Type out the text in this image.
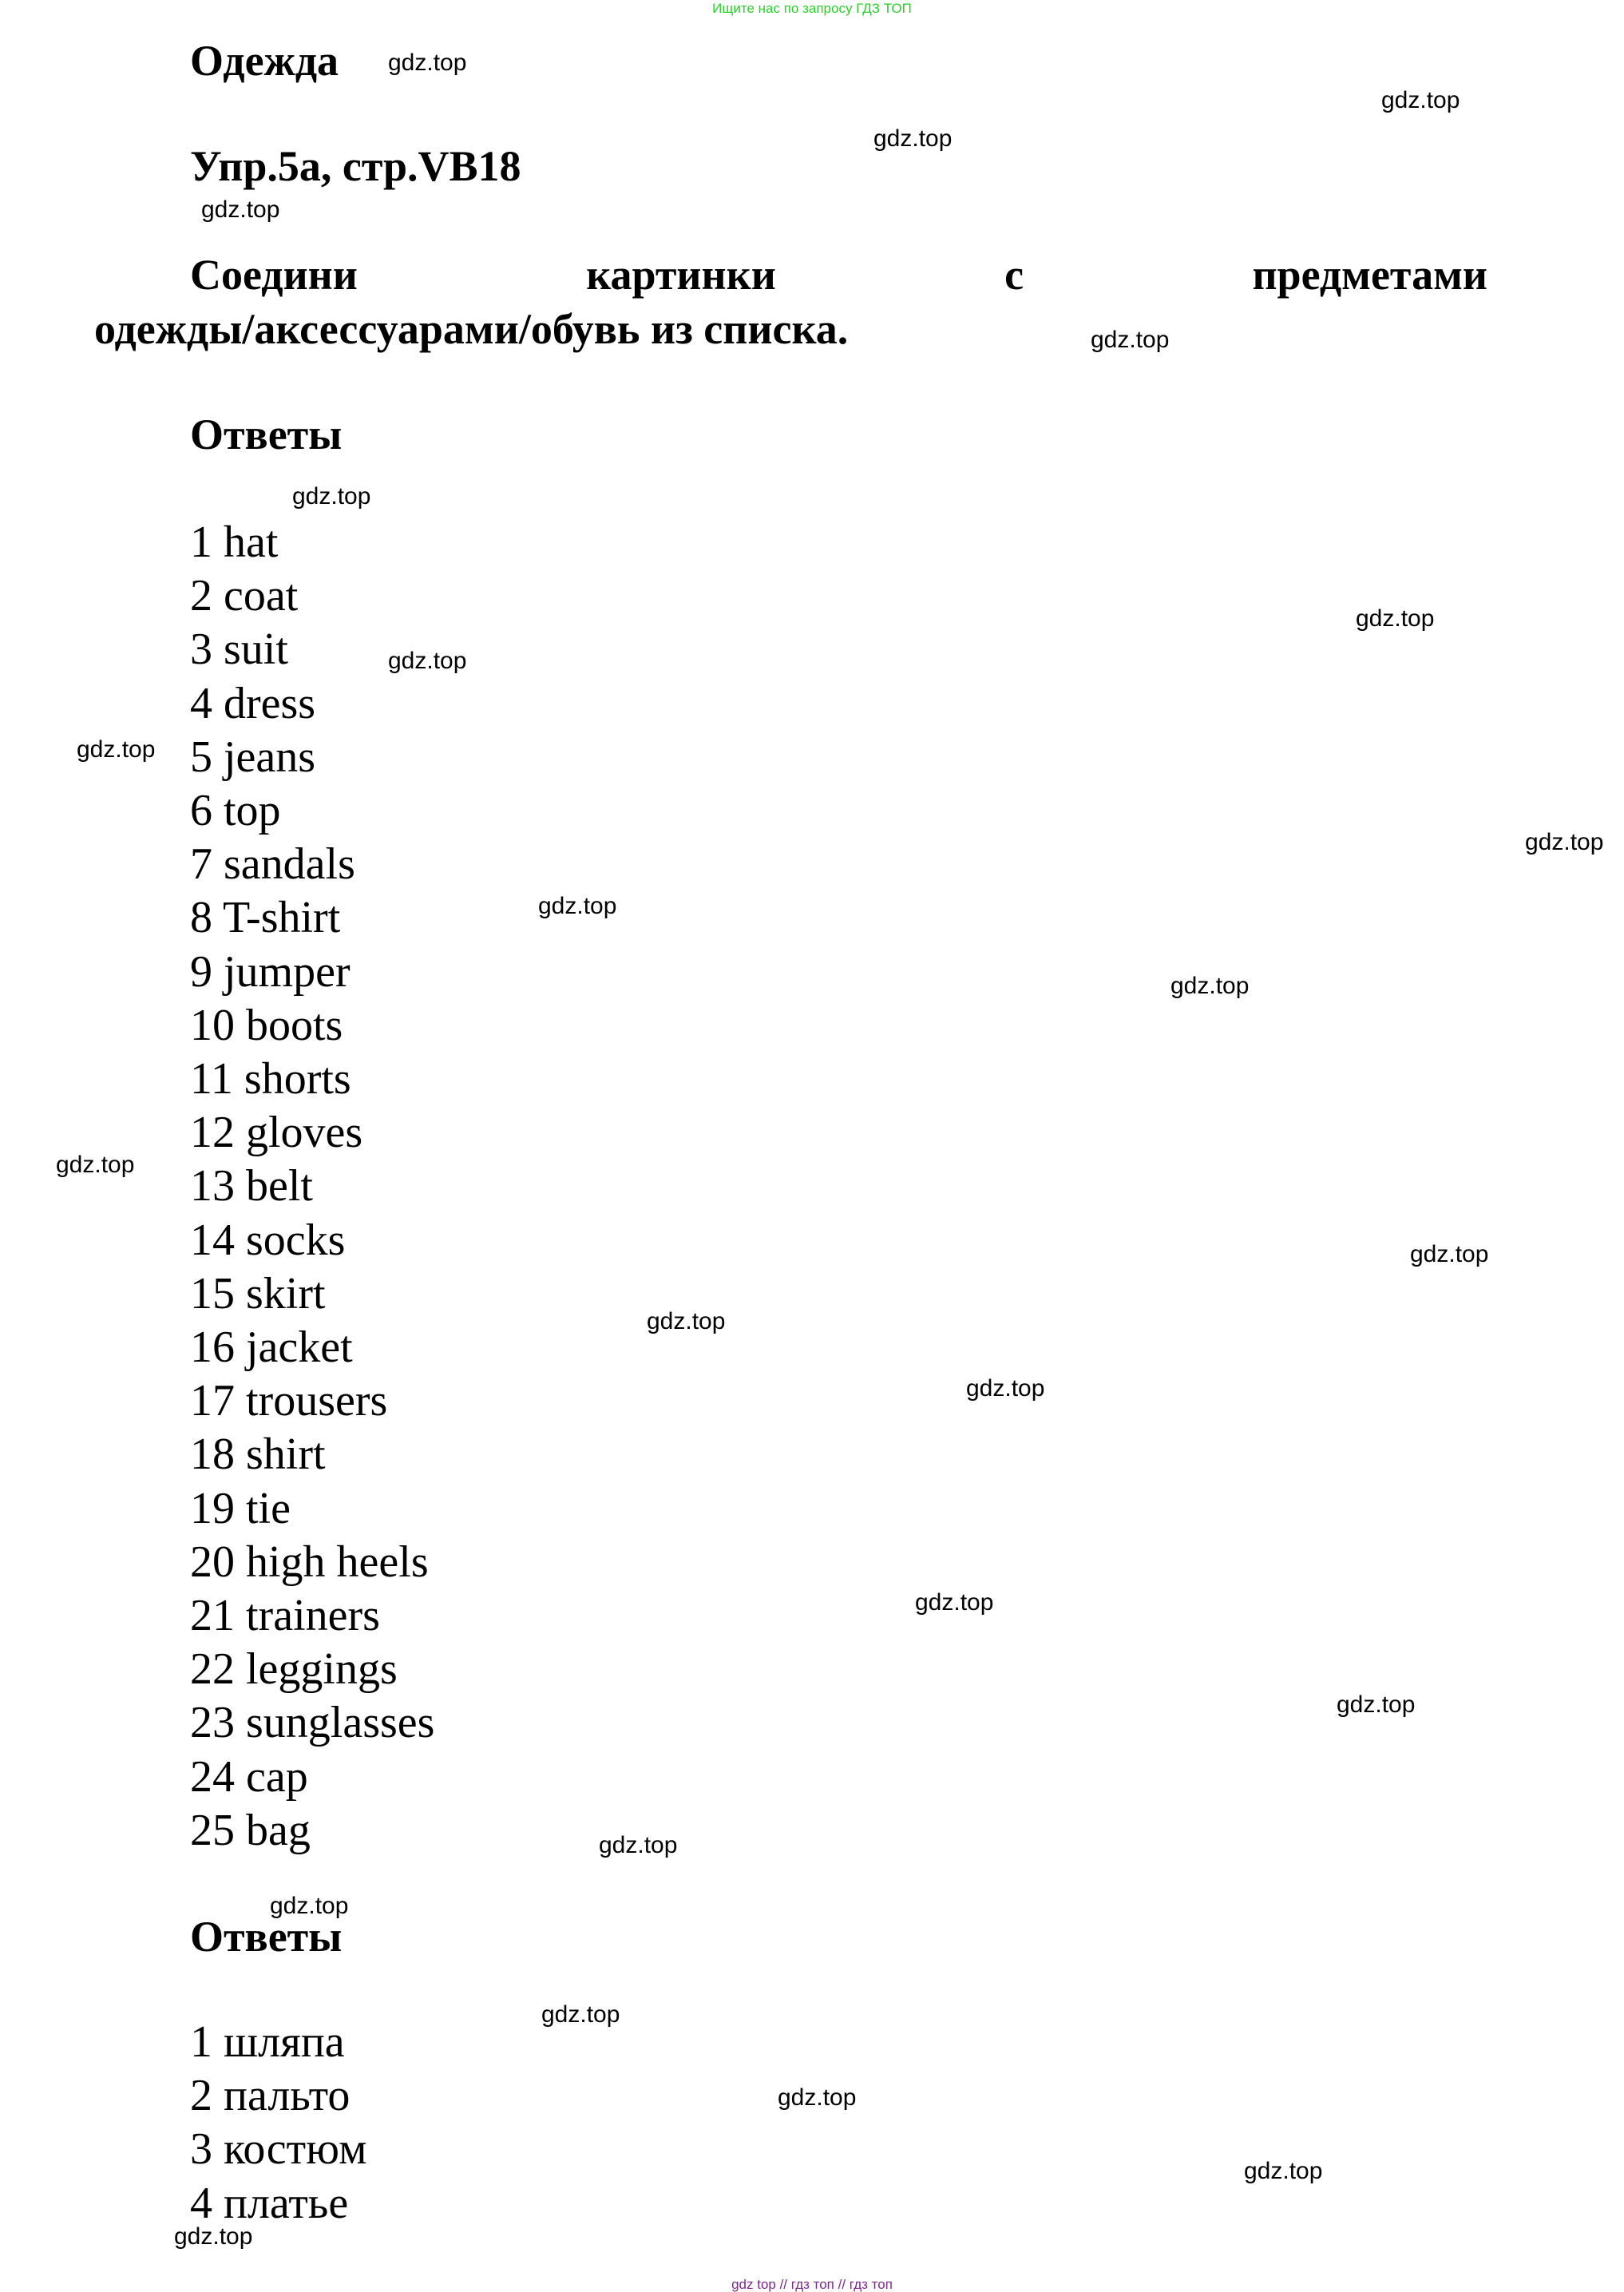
Ищите нас по запросу ГДЗ ТОП
Одежда
Упр.5а, стр.VB18
Соедини	картинки	с	предметами
одежды/аксессуарами/обувь из списка.
Ответы
1 hat
2 coat
3 suit
4 dress
5 jeans
6 top
7 sandals
8 T-shirt
9 jumper
10 boots
11 shorts
12 gloves
13 belt
14 socks
15 skirt
16 jacket
17 trousers
18 shirt
19 tie
20 high heels
21 trainers
22 leggings
23 sunglasses
24 cap
25 bag
Ответы
1 шляпа
2 пальто
3 костюм
4 платье
gdz.top
gdz.top
gdz.top
gdz.top
gdz.top
gdz.top
gdz.top
gdz.top
gdz.top
gdz.top
gdz.top
gdz.top
gdz.top
gdz.top
gdz.top
gdz.top
gdz.top
gdz.top
gdz.top
gdz.top
gdz.top
gdz.top
gdz.top
gdz.top
gdz top // гдз топ // гдз топ
